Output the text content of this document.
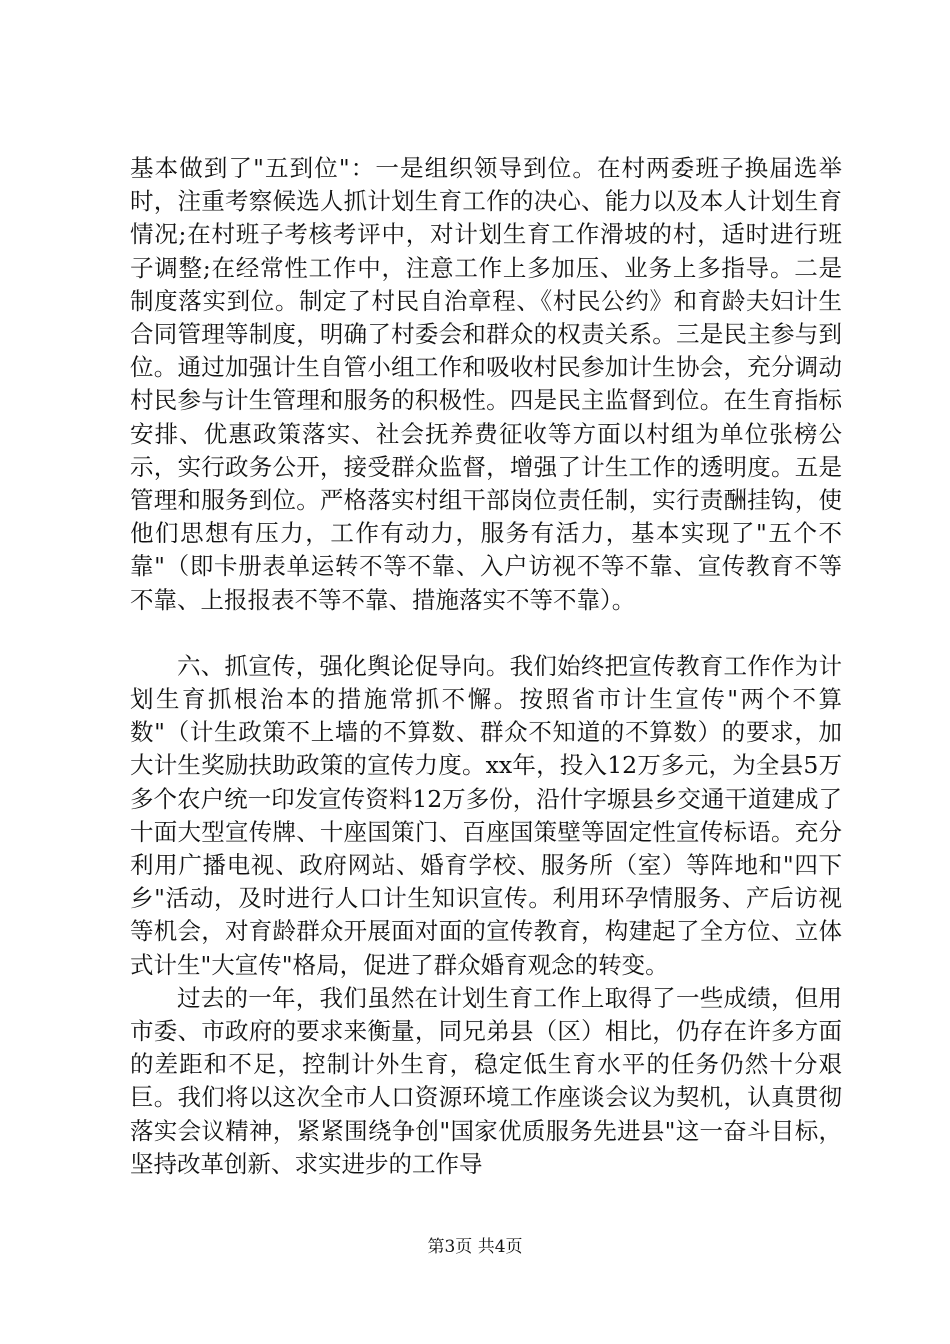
基本做到了"五到位"：一是组织领导到位。在村两委班子换届选举时，注重考察候选人抓计划生育工作的决心、能力以及本人计划生育情况;在村班子考核考评中，对计划生育工作滑坡的村，适时进行班子调整;在经常性工作中，注意工作上多加压、业务上多指导。二是制度落实到位。制定了村民自治章程、《村民公约》和育龄夫妇计生合同管理等制度，明确了村委会和群众的权责关系。三是民主参与到位。通过加强计生自管小组工作和吸收村民参加计生协会，充分调动村民参与计生管理和服务的积极性。四是民主监督到位。在生育指标安排、优惠政策落实、社会抚养费征收等方面以村组为单位张榜公示，实行政务公开，接受群众监督，增强了计生工作的透明度。五是管理和服务到位。严格落实村组干部岗位责任制，实行责酬挂钩，使他们思想有压力，工作有动力，服务有活力，基本实现了"五个不靠"（即卡册表单运转不等不靠、入户访视不等不靠、宣传教育不等不靠、上报报表不等不靠、措施落实不等不靠）。

六、抓宣传，强化舆论促导向。我们始终把宣传教育工作作为计划生育抓根治本的措施常抓不懈。按照省市计生宣传"两个不算数"（计生政策不上墙的不算数、群众不知道的不算数）的要求，加大计生奖励扶助政策的宣传力度。xx年，投入12万多元，为全县5万多个农户统一印发宣传资料12万多份，沿什字塬县乡交通干道建成了十面大型宣传牌、十座国策门、百座国策壁等固定性宣传标语。充分利用广播电视、政府网站、婚育学校、服务所（室）等阵地和"四下乡"活动，及时进行人口计生知识宣传。利用环孕情服务、产后访视等机会，对育龄群众开展面对面的宣传教育，构建起了全方位、立体式计生"大宣传"格局，促进了群众婚育观念的转变。

过去的一年，我们虽然在计划生育工作上取得了一些成绩，但用市委、市政府的要求来衡量，同兄弟县（区）相比，仍存在许多方面的差距和不足，控制计外生育，稳定低生育水平的任务仍然十分艰巨。我们将以这次全市人口资源环境工作座谈会议为契机，认真贯彻落实会议精神，紧紧围绕争创"国家优质服务先进县"这一奋斗目标，坚持改革创新、求实进步的工作导

第3页 共4页
